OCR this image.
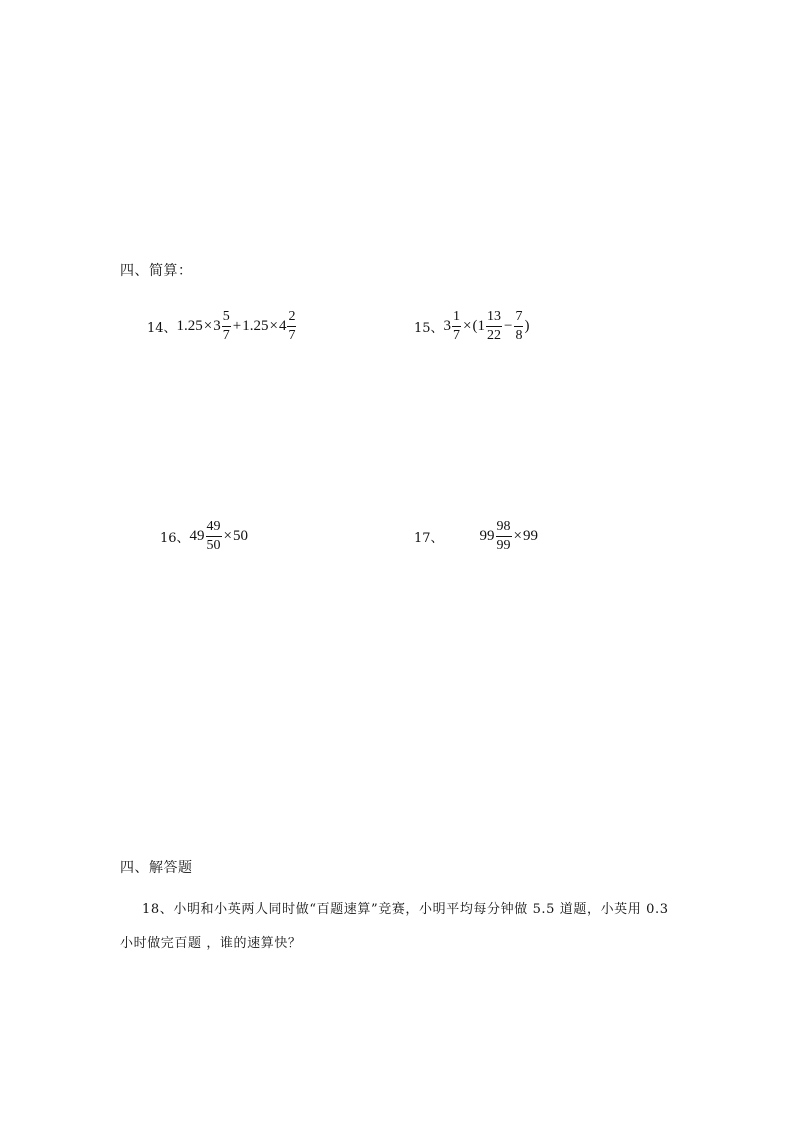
四、简算：
14、 $1.25 \times 3 \frac{5}{7} + 1.25 \times 4 \frac{2}{7}$	15、 $3 \frac{1}{7}$ × ( $1 \frac{13}{22} - \frac{7}{8}$ )
16、 $49 \frac{49}{50} \times 50$	17、 $99 \frac{98}{99} \times 99$
四、解答题
18、小明和小英两人同时做“百题速算”竞赛，小明平均每分钟做 5.5 道题，小英用 0.3
小时做完百题 ，谁的速算快？
